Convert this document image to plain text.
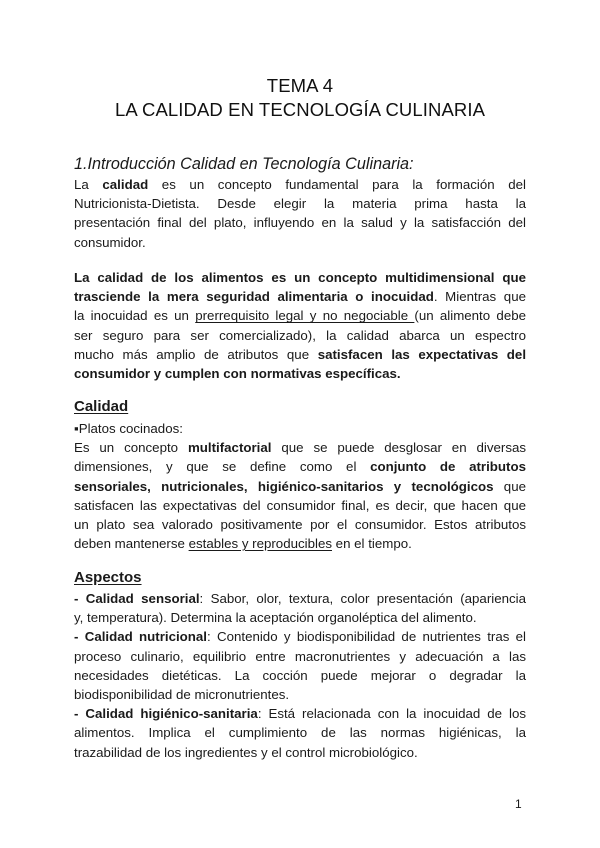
TEMA 4
LA CALIDAD EN TECNOLOGÍA CULINARIA
1.Introducción Calidad en Tecnología Culinaria:
La calidad es un concepto fundamental para la formación del
Nutricionista-Dietista. Desde elegir la materia prima hasta la
presentación final del plato, influyendo en la salud y la satisfacción del
consumidor.
La calidad de los alimentos es un concepto multidimensional que
trasciende la mera seguridad alimentaria o inocuidad. Mientras que
la inocuidad es un prerrequisito legal y no negociable (un alimento debe
ser seguro para ser comercializado), la calidad abarca un espectro
mucho más amplio de atributos que satisfacen las expectativas del
consumidor y cumplen con normativas específicas.
Calidad
▪Platos cocinados:
Es un concepto multifactorial que se puede desglosar en diversas
dimensiones, y que se define como el conjunto de atributos
sensoriales, nutricionales, higiénico-sanitarios y tecnológicos que
satisfacen las expectativas del consumidor final, es decir, que hacen que
un plato sea valorado positivamente por el consumidor. Estos atributos
deben mantenerse estables y reproducibles en el tiempo.
Aspectos
- Calidad sensorial: Sabor, olor, textura, color presentación (apariencia
y, temperatura). Determina la aceptación organoléptica del alimento.
- Calidad nutricional: Contenido y biodisponibilidad de nutrientes tras el
proceso culinario, equilibrio entre macronutrientes y adecuación a las
necesidades dietéticas. La cocción puede mejorar o degradar la
biodisponibilidad de micronutrientes.
- Calidad higiénico-sanitaria: Está relacionada con la inocuidad de los
alimentos. Implica el cumplimiento de las normas higiénicas, la
trazabilidad de los ingredientes y el control microbiológico.
1
